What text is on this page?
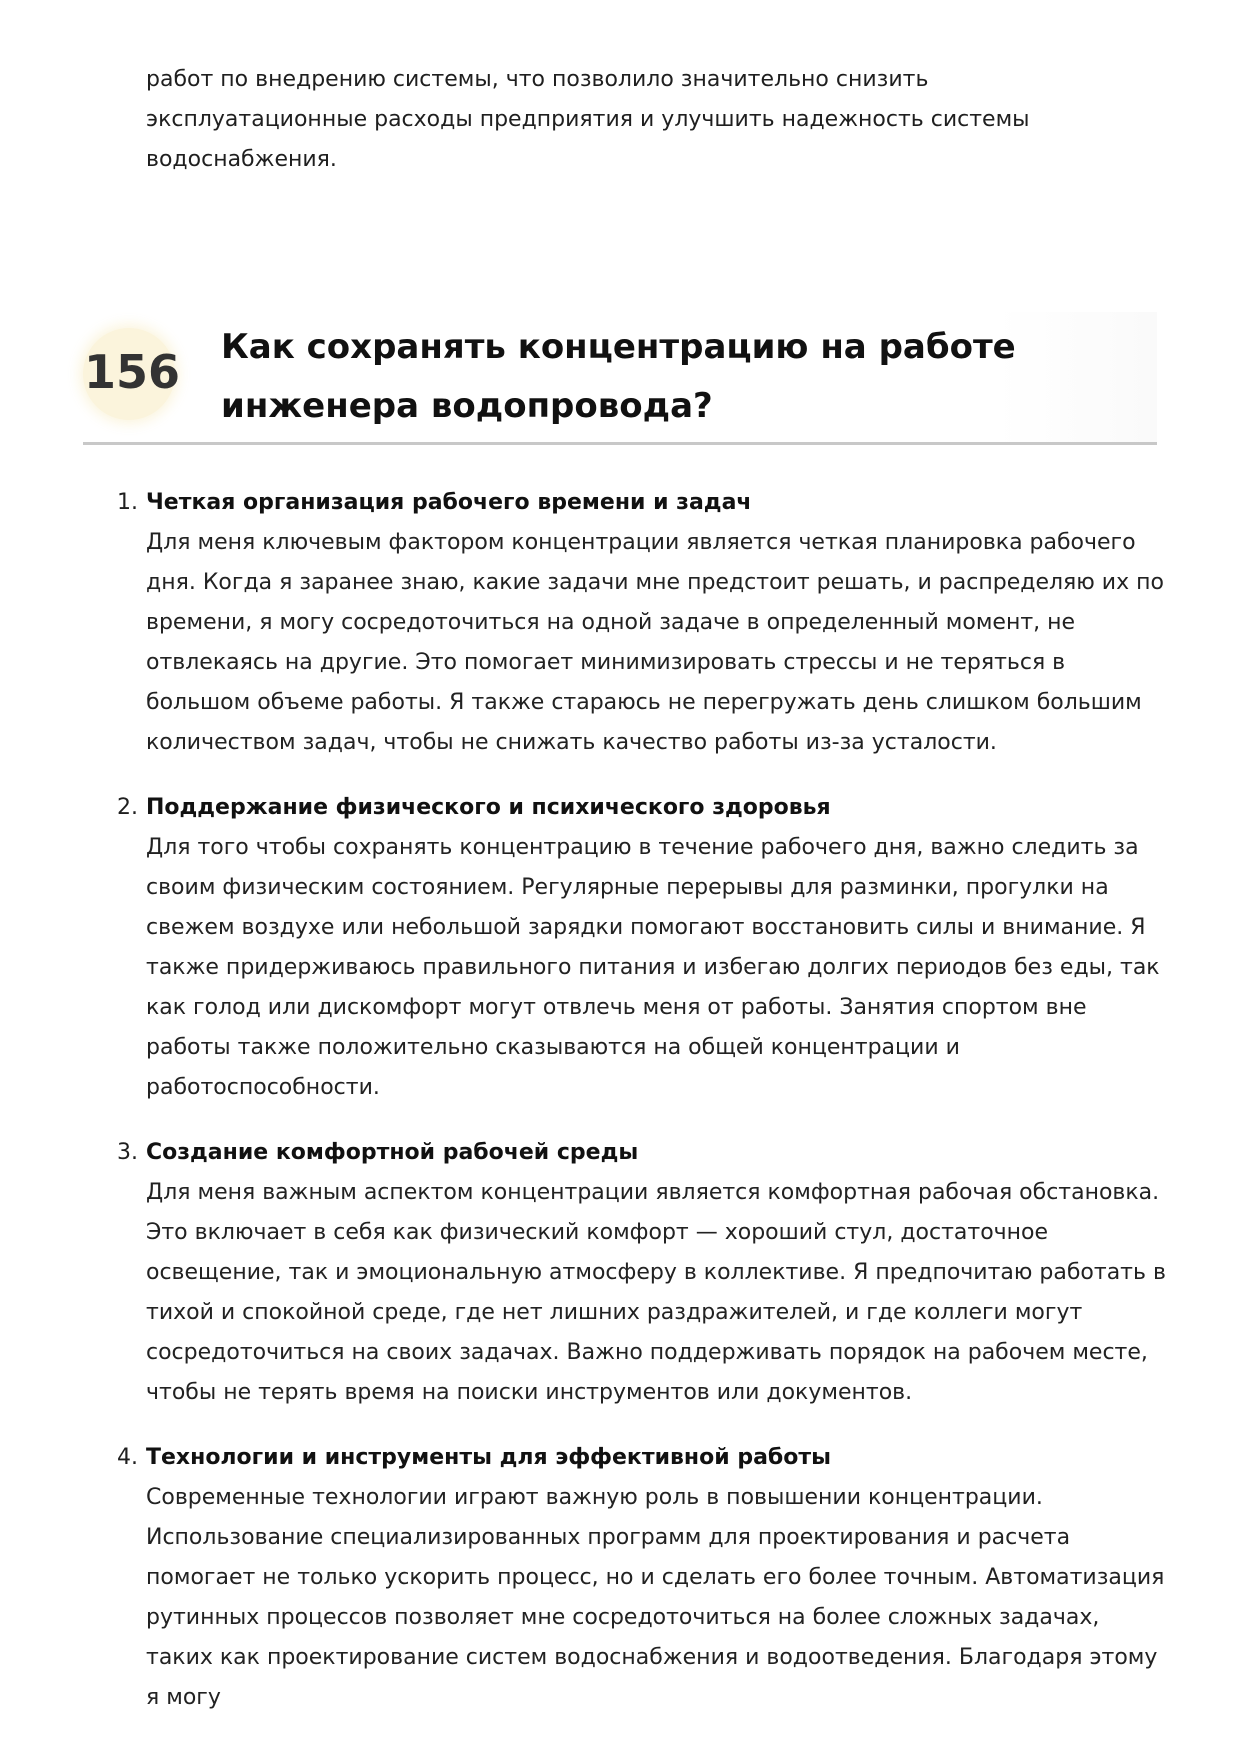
работ по внедрению системы, что позволило значительно снизить эксплуатационные расходы предприятия и улучшить надежность системы водоснабжения.

156 Как сохранять концентрацию на работе инженера водопровода?
1. Четкая организация рабочего времени и задач

Для меня ключевым фактором концентрации является четкая планировка рабочего дня. Когда я заранее знаю, какие задачи мне предстоит решать, и распределяю их по времени, я могу сосредоточиться на одной задаче в определенный момент, не отвлекаясь на другие. Это помогает минимизировать стрессы и не теряться в большом объеме работы. Я также стараюсь не перегружать день слишком большим количеством задач, чтобы не снижать качество работы из-за усталости.

2. Поддержание физического и психического здоровья

Для того чтобы сохранять концентрацию в течение рабочего дня, важно следить за своим физическим состоянием. Регулярные перерывы для разминки, прогулки на свежем воздухе или небольшой зарядки помогают восстановить силы и внимание. Я также придерживаюсь правильного питания и избегаю долгих периодов без еды, так как голод или дискомфорт могут отвлечь меня от работы. Занятия спортом вне работы также положительно сказываются на общей концентрации и работоспособности.

3. Создание комфортной рабочей среды

Для меня важным аспектом концентрации является комфортная рабочая обстановка. Это включает в себя как физический комфорт — хороший стул, достаточное освещение, так и эмоциональную атмосферу в коллективе. Я предпочитаю работать в тихой и спокойной среде, где нет лишних раздражителей, и где коллеги могут сосредоточиться на своих задачах. Важно поддерживать порядок на рабочем месте, чтобы не терять время на поиски инструментов или документов.

4. Технологии и инструменты для эффективной работы

Современные технологии играют важную роль в повышении концентрации. Использование специализированных программ для проектирования и расчета помогает не только ускорить процесс, но и сделать его более точным. Автоматизация рутинных процессов позволяет мне сосредоточиться на более сложных задачах, таких как проектирование систем водоснабжения и водоотведения. Благодаря этому я могу
